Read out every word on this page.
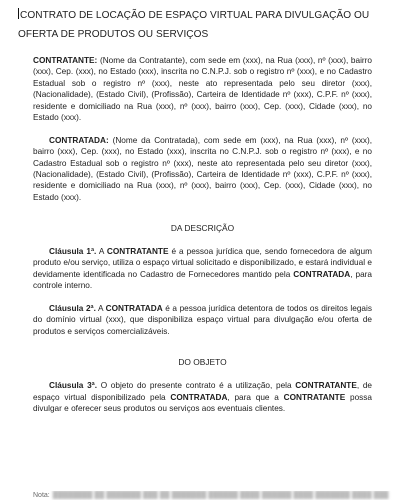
CONTRATO DE LOCAÇÃO DE ESPAÇO VIRTUAL PARA DIVULGAÇÃO OU OFERTA DE PRODUTOS OU SERVIÇOS

CONTRATANTE: (Nome da Contratante), com sede em (xxx), na Rua (xxx), nº (xxx), bairro (xxx), Cep. (xxx), no Estado (xxx), inscrita no C.N.P.J. sob o registro nº (xxx), e no Cadastro Estadual sob o registro nº (xxx), neste ato representada pelo seu diretor (xxx), (Nacionalidade), (Estado Civil), (Profissão), Carteira de Identidade nº (xxx), C.P.F. nº (xxx), residente e domiciliado na Rua (xxx), nº (xxx), bairro (xxx), Cep. (xxx), Cidade (xxx), no Estado (xxx).

CONTRATADA: (Nome da Contratada), com sede em (xxx), na Rua (xxx), nº (xxx), bairro (xxx), Cep. (xxx), no Estado (xxx), inscrita no C.N.P.J. sob o registro nº (xxx), e no Cadastro Estadual sob o registro nº (xxx), neste ato representada pelo seu diretor (xxx), (Nacionalidade), (Estado Civil), (Profissão), Carteira de Identidade nº (xxx), C.P.F. nº (xxx), residente e domiciliado na Rua (xxx), nº (xxx), bairro (xxx), Cep. (xxx), Cidade (xxx), no Estado (xxx).

DA DESCRIÇÃO

Cláusula 1ª. A CONTRATANTE é a pessoa jurídica que, sendo fornecedora de algum produto e/ou serviço, utiliza o espaço virtual solicitado e disponibilizado, e estará individual e devidamente identificada no Cadastro de Fornecedores mantido pela CONTRATADA, para controle interno.

Cláusula 2ª. A CONTRATADA é a pessoa jurídica detentora de todos os direitos legais do domínio virtual (xxx), que disponibiliza espaço virtual para divulgação e/ou oferta de produtos e serviços comercializáveis.

DO OBJETO

Cláusula 3ª. O objeto do presente contrato é a utilização, pela CONTRATANTE, de espaço virtual disponibilizado pela CONTRATADA, para que a CONTRATANTE possa divulgar e oferecer seus produtos ou serviços aos eventuais clientes.

Nota: ████████ ██ ███████ ███ ██ ███████ ██████ ████ ██████ ████ ███████ ████ ███
